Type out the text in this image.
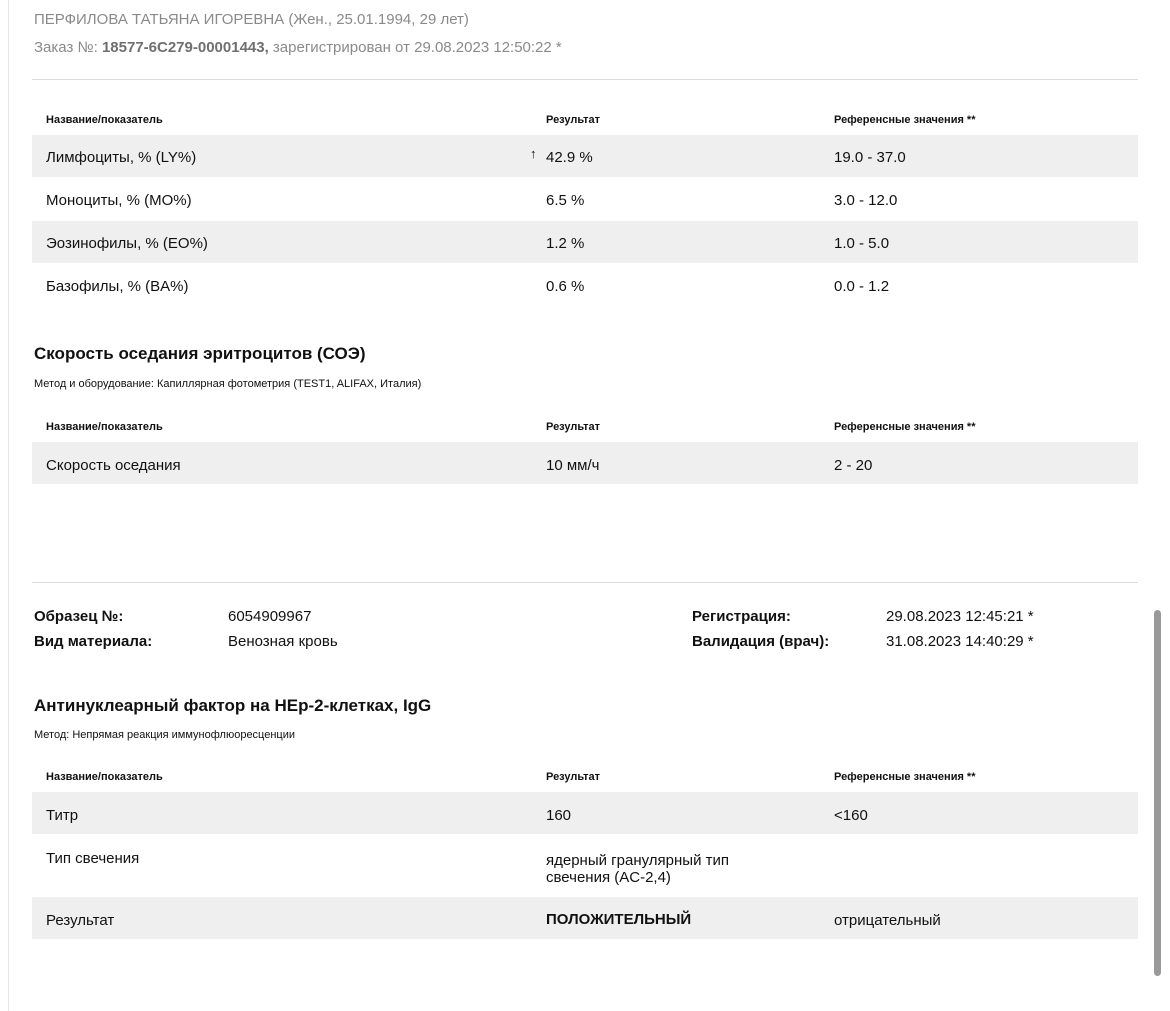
ПЕРФИЛОВА ТАТЬЯНА ИГОРЕВНА (Жен., 25.01.1994, 29 лет)
Заказ №: 18577-6С279-00001443, зарегистрирован от 29.08.2023 12:50:22 *
Название/показатель	Результат	Референсные значения **
Лимфоциты, % (LY%)	↑ 42.9 %	19.0 - 37.0
Моноциты, % (MO%)	6.5 %	3.0 - 12.0
Эозинофилы, % (EO%)	1.2 %	1.0 - 5.0
Базофилы, % (BA%)	0.6 %	0.0 - 1.2
Скорость оседания эритроцитов (СОЭ)
Метод и оборудование: Капиллярная фотометрия (TEST1, ALIFAX, Италия)
Название/показатель	Результат	Референсные значения **
Скорость оседания	10 мм/ч	2 - 20
Образец №:	6054909967
Вид материала:	Венозная кровь
Регистрация:	29.08.2023 12:45:21 *
Валидация (врач):	31.08.2023 14:40:29 *
Антинуклеарный фактор на HEp-2-клетках, IgG
Метод: Непрямая реакция иммунофлюоресценции
Название/показатель	Результат	Референсные значения **
Титр	160	<160
Тип свечения	ядерный гранулярный тип
свечения (AC-2,4)
Результат	ПОЛОЖИТЕЛЬНЫЙ	отрицательный
